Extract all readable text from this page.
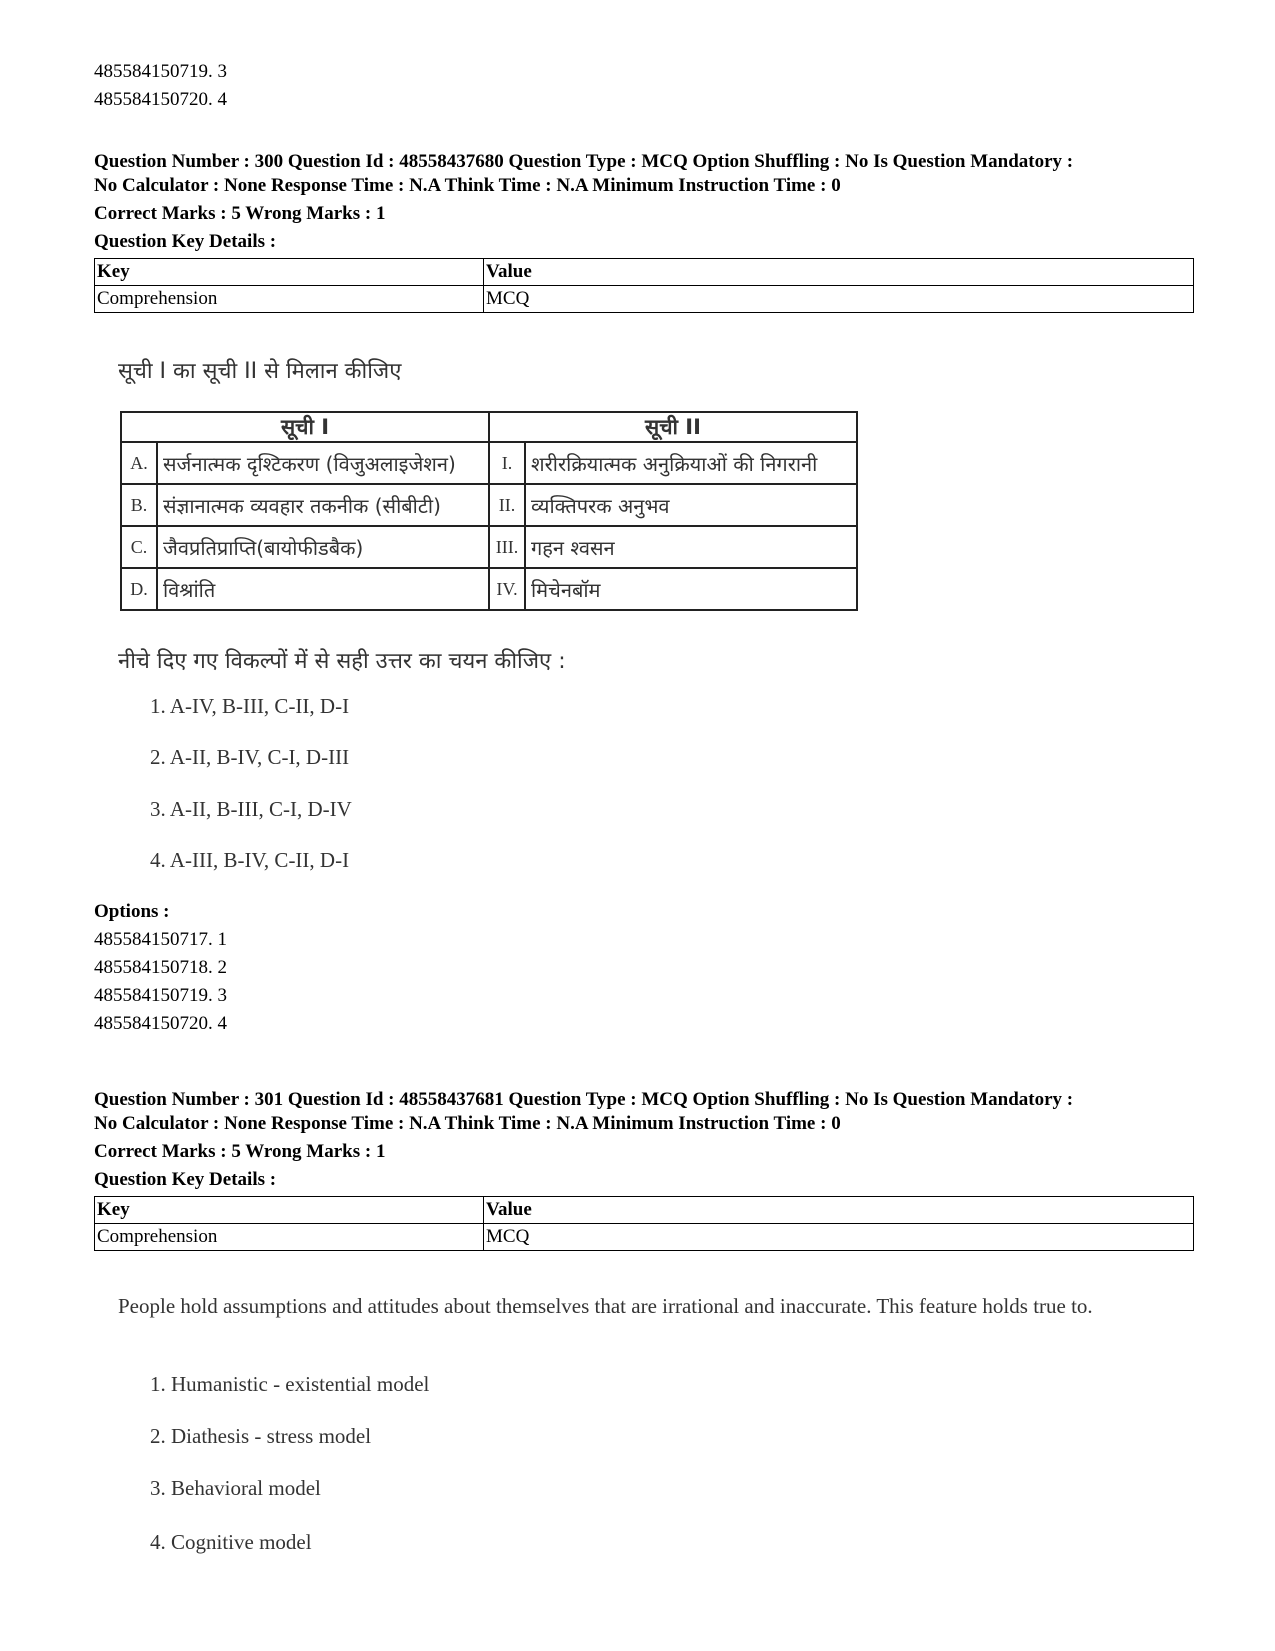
485584150719. 3
485584150720. 4

Question Number : 300 Question Id : 48558437680 Question Type : MCQ Option Shuffling : No Is Question Mandatory :

No Calculator : None Response Time : N.A Think Time : N.A Minimum Instruction Time : 0

Correct Marks : 5 Wrong Marks : 1
Question Key Details :
Key	Value
Comprehension	MCQ
सूची I का सूची II से मिलान कीजिए
सूची I		सूची II	
A.	सर्जनात्मक दृश्टिकरण (विजुअलाइजेशन)	I.	शरीरक्रियात्मक अनुक्रियाओं की निगरानी
B.	संज्ञानात्मक व्यवहार तकनीक (सीबीटी)	II.	व्यक्तिपरक अनुभव
C.	जैवप्रतिप्राप्ति(बायोफीडबैक)	III.	गहन श्वसन
D.	विश्रांति	IV.	मिचेनबॉम
नीचे दिए गए विकल्पों में से सही उत्तर का चयन कीजिए :
1. A-IV, B-III, C-II, D-I
2. A-II, B-IV, C-I, D-III
3. A-II, B-III, C-I, D-IV
4. A-III, B-IV, C-II, D-I
Options :
485584150717. 1
485584150718. 2
485584150719. 3
485584150720. 4

Question Number : 301 Question Id : 48558437681 Question Type : MCQ Option Shuffling : No Is Question Mandatory :

No Calculator : None Response Time : N.A Think Time : N.A Minimum Instruction Time : 0

Correct Marks : 5 Wrong Marks : 1
Question Key Details :
Key	Value
Comprehension	MCQ
People hold assumptions and attitudes about themselves that are irrational and inaccurate. This feature holds true to.
1. Humanistic - existential model
2. Diathesis - stress model
3. Behavioral model
4. Cognitive model
